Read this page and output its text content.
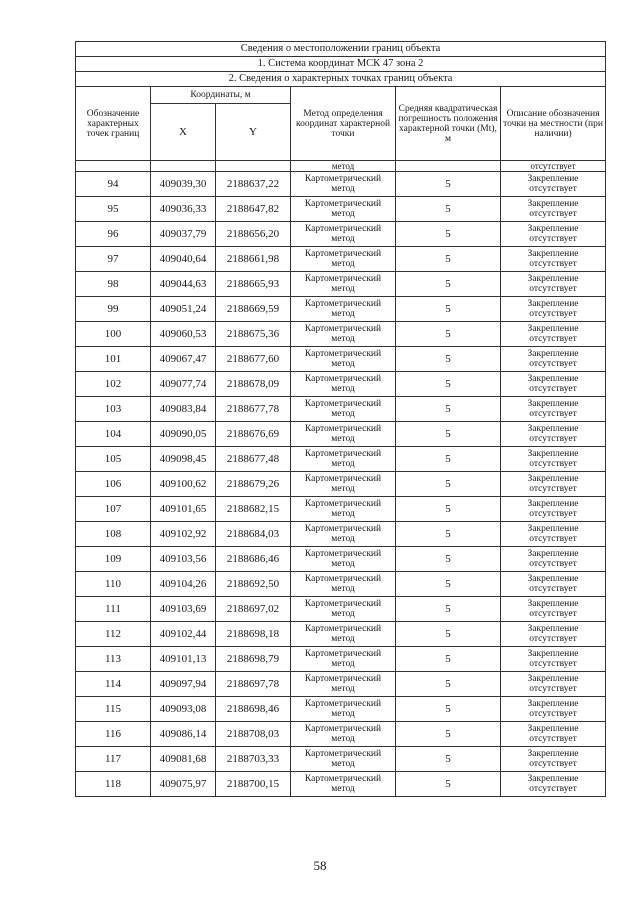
Сведения о местоположении границ объекта					
1. Система координат МСК 47 зона 2					
2. Сведения о характерных точках границ объекта					
Обозначение характерных точек границ	Координаты, м		Метод определения координат характерной точки	Средняя квадратическая погрешность положения характерной точки (Mt), м	Описание обозначения точки на местности (при наличии)
	X	Y			
			метод		отсутствует
94	409039,30	2188637,22	Картометрический метод	5	Закрепление отсутствует
95	409036,33	2188647,82	Картометрический метод	5	Закрепление отсутствует
96	409037,79	2188656,20	Картометрический метод	5	Закрепление отсутствует
97	409040,64	2188661,98	Картометрический метод	5	Закрепление отсутствует
98	409044,63	2188665,93	Картометрический метод	5	Закрепление отсутствует
99	409051,24	2188669,59	Картометрический метод	5	Закрепление отсутствует
100	409060,53	2188675,36	Картометрический метод	5	Закрепление отсутствует
101	409067,47	2188677,60	Картометрический метод	5	Закрепление отсутствует
102	409077,74	2188678,09	Картометрический метод	5	Закрепление отсутствует
103	409083,84	2188677,78	Картометрический метод	5	Закрепление отсутствует
104	409090,05	2188676,69	Картометрический метод	5	Закрепление отсутствует
105	409098,45	2188677,48	Картометрический метод	5	Закрепление отсутствует
106	409100,62	2188679,26	Картометрический метод	5	Закрепление отсутствует
107	409101,65	2188682,15	Картометрический метод	5	Закрепление отсутствует
108	409102,92	2188684,03	Картометрический метод	5	Закрепление отсутствует
109	409103,56	2188686,46	Картометрический метод	5	Закрепление отсутствует
110	409104,26	2188692,50	Картометрический метод	5	Закрепление отсутствует
111	409103,69	2188697,02	Картометрический метод	5	Закрепление отсутствует
112	409102,44	2188698,18	Картометрический метод	5	Закрепление отсутствует
113	409101,13	2188698,79	Картометрический метод	5	Закрепление отсутствует
114	409097,94	2188697,78	Картометрический метод	5	Закрепление отсутствует
115	409093,08	2188698,46	Картометрический метод	5	Закрепление отсутствует
116	409086,14	2188708,03	Картометрический метод	5	Закрепление отсутствует
117	409081,68	2188703,33	Картометрический метод	5	Закрепление отсутствует
118	409075,97	2188700,15	Картометрический метод	5	Закрепление отсутствует
58
